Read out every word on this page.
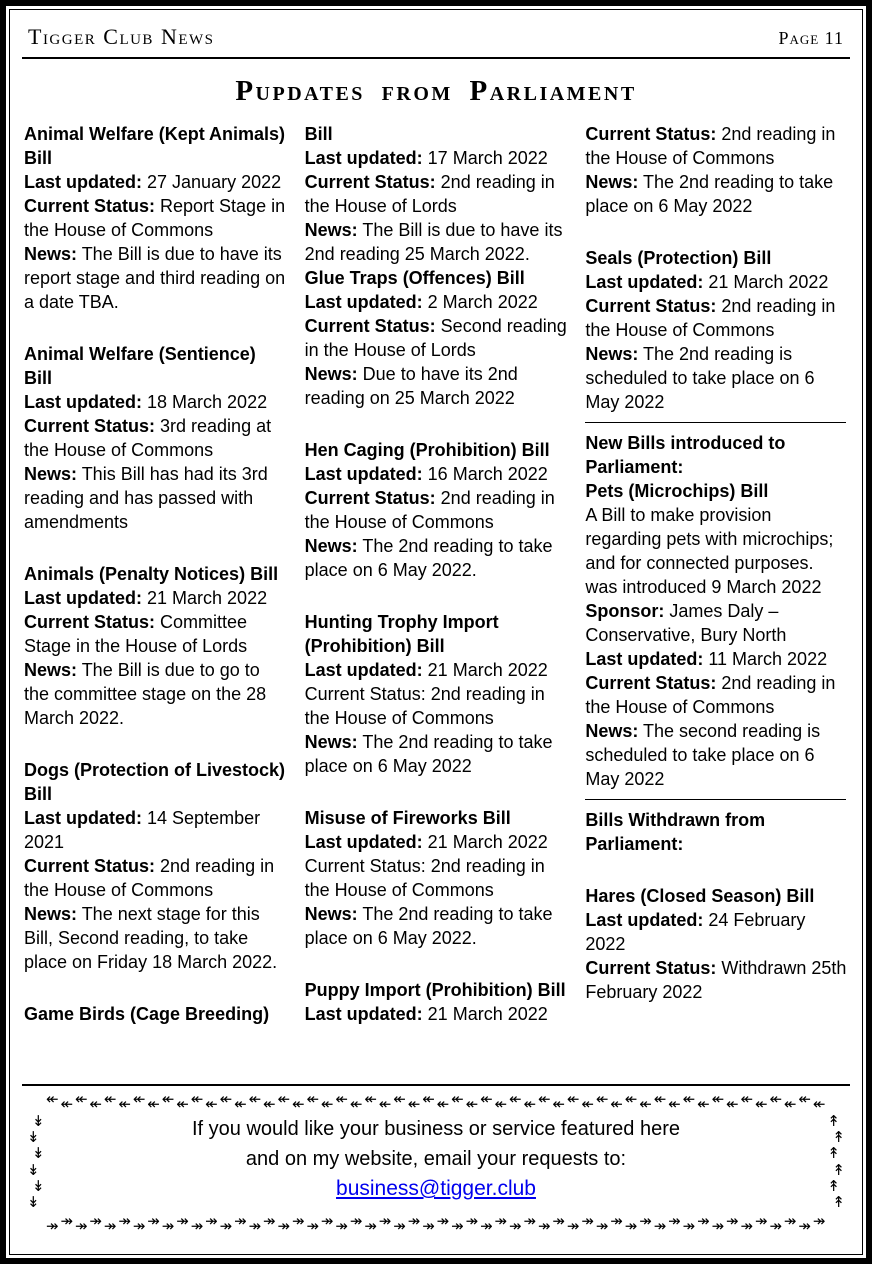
Tigger Club News	Page 11
Pupdates from Parliament

Animal Welfare (Kept Animals) Bill

Last updated: 27 January 2022

Current Status: Report Stage in the House of Commons

News: The Bill is due to have its report stage and third reading on a date TBA.

Animal Welfare (Sentience) Bill

Last updated: 18 March 2022

Current Status: 3rd reading at the House of Commons

News: This Bill has had its 3rd reading and has passed with amendments

Animals (Penalty Notices) Bill

Last updated: 21 March 2022

Current Status: Committee Stage in the House of Lords

News: The Bill is due to go to the committee stage on the 28 March 2022.

Dogs (Protection of Livestock) Bill

Last updated: 14 September 2021

Current Status: 2nd reading in the House of Commons

News: The next stage for this Bill, Second reading, to take place on Friday 18 March 2022.

Game Birds (Cage Breeding)

Bill

Last updated: 17 March 2022

Current Status: 2nd reading in the House of Lords

News: The Bill is due to have its 2nd reading 25 March 2022.

Glue Traps (Offences) Bill

Last updated: 2 March 2022

Current Status: Second reading in the House of Lords

News: Due to have its 2nd reading on 25 March 2022

Hen Caging (Prohibition) Bill

Last updated: 16 March 2022

Current Status: 2nd reading in the House of Commons

News: The 2nd reading to take place on 6 May 2022.

Hunting Trophy Import (Prohibition) Bill

Last updated: 21 March 2022

Current Status: 2nd reading in the House of Commons

News: The 2nd reading to take place on 6 May 2022

Misuse of Fireworks Bill

Last updated: 21 March 2022

Current Status: 2nd reading in the House of Commons

News: The 2nd reading to take place on 6 May 2022.

Puppy Import (Prohibition) Bill

Last updated: 21 March 2022

Current Status: 2nd reading in the House of Commons

News: The 2nd reading to take place on 6 May 2022

Seals (Protection) Bill

Last updated: 21 March 2022

Current Status: 2nd reading in the House of Commons

News: The 2nd reading is scheduled to take place on 6 May 2022

New Bills introduced to Parliament:

Pets (Microchips) Bill

A Bill to make provision regarding pets with microchips; and for connected purposes. was introduced 9 March 2022

Sponsor: James Daly – Conservative, Bury North

Last updated: 11 March 2022

Current Status: 2nd reading in the House of Commons

News: The second reading is scheduled to take place on 6 May 2022

Bills Withdrawn from Parliament:

Hares (Closed Season) Bill

Last updated: 24 February 2022

Current Status: Withdrawn 25th February 2022

↞ ↞ ↞ ↞ ↞ ↞ ↞ ↞ ↞ ↞ ↞ ↞ ↞ ↞ ↞ ↞ ↞ ↞ ↞ ↞ ↞ ↞ ↞ ↞ ↞ ↞ ↞ ↞ ↞ ↞ ↞ ↞ ↞ ↞ ↞ ↞ ↞ ↞ ↞ ↞ ↞ ↞ ↞ ↞ ↞ ↞ ↞ ↞ ↞ ↞ ↞ ↞ ↞ ↞
↡
↡
↡
↡
↡
↡
↟
↟
↟
↟
↟
↟
↠ ↠ ↠ ↠ ↠ ↠ ↠ ↠ ↠ ↠ ↠ ↠ ↠ ↠ ↠ ↠ ↠ ↠ ↠ ↠ ↠ ↠ ↠ ↠ ↠ ↠ ↠ ↠ ↠ ↠ ↠ ↠ ↠ ↠ ↠ ↠ ↠ ↠ ↠ ↠ ↠ ↠ ↠ ↠ ↠ ↠ ↠ ↠ ↠ ↠ ↠ ↠ ↠ ↠
If you would like your business or service featured here
and on my website, email your requests to:
business@tigger.club
